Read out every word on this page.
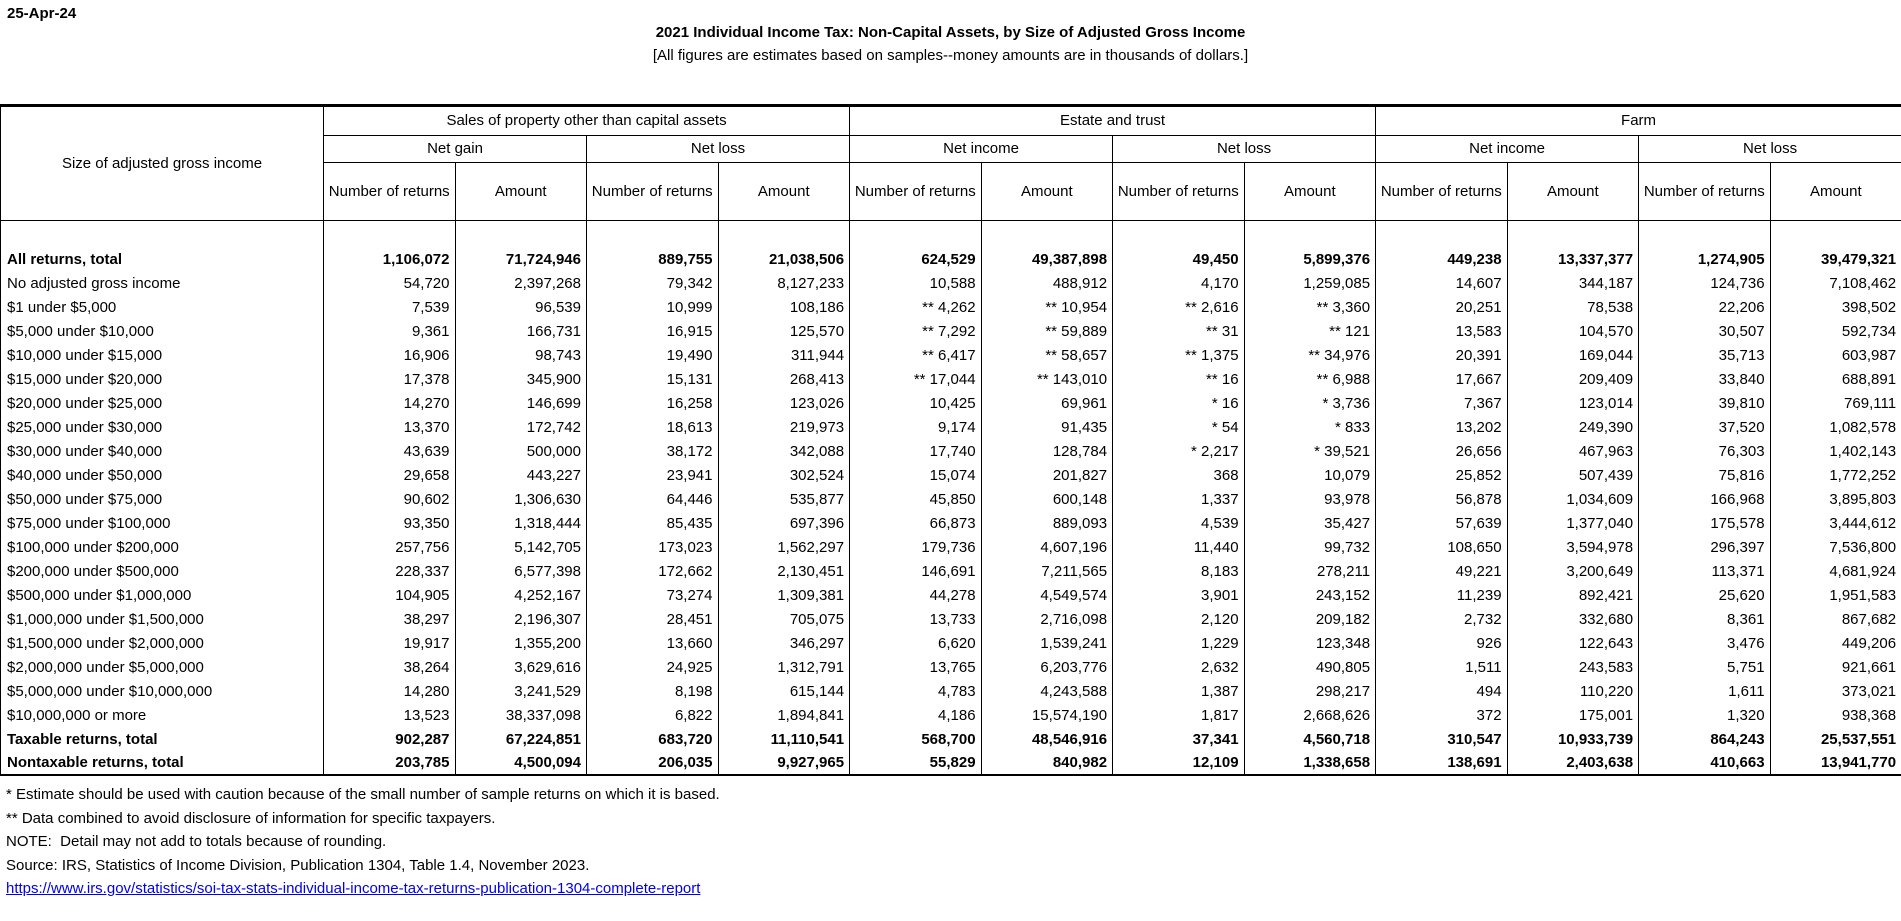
25-Apr-24
2021 Individual Income Tax: Non-Capital Assets, by Size of Adjusted Gross Income
[All figures are estimates based on samples--money amounts are in thousands of dollars.]
Size of adjusted gross income	Sales of property other than capital assets				Estate and trust				Farm			
	Net gain		Net loss		Net income		Net loss		Net income		Net loss	
	Number of returns	Amount	Number of returns	Amount	Number of returns	Amount	Number of returns	Amount	Number of returns	Amount	Number of returns	Amount

All returns, total	1,106,072	71,724,946	889,755	21,038,506	624,529	49,387,898	49,450	5,899,376	449,238	13,337,377	1,274,905	39,479,321
No adjusted gross income	54,720	2,397,268	79,342	8,127,233	10,588	488,912	4,170	1,259,085	14,607	344,187	124,736	7,108,462
$1 under $5,000	7,539	96,539	10,999	108,186	** 4,262	** 10,954	** 2,616	** 3,360	20,251	78,538	22,206	398,502
$5,000 under $10,000	9,361	166,731	16,915	125,570	** 7,292	** 59,889	** 31	** 121	13,583	104,570	30,507	592,734
$10,000 under $15,000	16,906	98,743	19,490	311,944	** 6,417	** 58,657	** 1,375	** 34,976	20,391	169,044	35,713	603,987
$15,000 under $20,000	17,378	345,900	15,131	268,413	** 17,044	** 143,010	** 16	** 6,988	17,667	209,409	33,840	688,891
$20,000 under $25,000	14,270	146,699	16,258	123,026	10,425	69,961	* 16	* 3,736	7,367	123,014	39,810	769,111
$25,000 under $30,000	13,370	172,742	18,613	219,973	9,174	91,435	* 54	* 833	13,202	249,390	37,520	1,082,578
$30,000 under $40,000	43,639	500,000	38,172	342,088	17,740	128,784	* 2,217	* 39,521	26,656	467,963	76,303	1,402,143
$40,000 under $50,000	29,658	443,227	23,941	302,524	15,074	201,827	368	10,079	25,852	507,439	75,816	1,772,252
$50,000 under $75,000	90,602	1,306,630	64,446	535,877	45,850	600,148	1,337	93,978	56,878	1,034,609	166,968	3,895,803
$75,000 under $100,000	93,350	1,318,444	85,435	697,396	66,873	889,093	4,539	35,427	57,639	1,377,040	175,578	3,444,612
$100,000 under $200,000	257,756	5,142,705	173,023	1,562,297	179,736	4,607,196	11,440	99,732	108,650	3,594,978	296,397	7,536,800
$200,000 under $500,000	228,337	6,577,398	172,662	2,130,451	146,691	7,211,565	8,183	278,211	49,221	3,200,649	113,371	4,681,924
$500,000 under $1,000,000	104,905	4,252,167	73,274	1,309,381	44,278	4,549,574	3,901	243,152	11,239	892,421	25,620	1,951,583
$1,000,000 under $1,500,000	38,297	2,196,307	28,451	705,075	13,733	2,716,098	2,120	209,182	2,732	332,680	8,361	867,682
$1,500,000 under $2,000,000	19,917	1,355,200	13,660	346,297	6,620	1,539,241	1,229	123,348	926	122,643	3,476	449,206
$2,000,000 under $5,000,000	38,264	3,629,616	24,925	1,312,791	13,765	6,203,776	2,632	490,805	1,511	243,583	5,751	921,661
$5,000,000 under $10,000,000	14,280	3,241,529	8,198	615,144	4,783	4,243,588	1,387	298,217	494	110,220	1,611	373,021
$10,000,000 or more	13,523	38,337,098	6,822	1,894,841	4,186	15,574,190	1,817	2,668,626	372	175,001	1,320	938,368
Taxable returns, total	902,287	67,224,851	683,720	11,110,541	568,700	48,546,916	37,341	4,560,718	310,547	10,933,739	864,243	25,537,551
Nontaxable returns, total	203,785	4,500,094	206,035	9,927,965	55,829	840,982	12,109	1,338,658	138,691	2,403,638	410,663	13,941,770
* Estimate should be used with caution because of the small number of sample returns on which it is based.
** Data combined to avoid disclosure of information for specific taxpayers.
NOTE:  Detail may not add to totals because of rounding.
Source: IRS, Statistics of Income Division, Publication 1304, Table 1.4, November 2023.
https://www.irs.gov/statistics/soi-tax-stats-individual-income-tax-returns-publication-1304-complete-report
